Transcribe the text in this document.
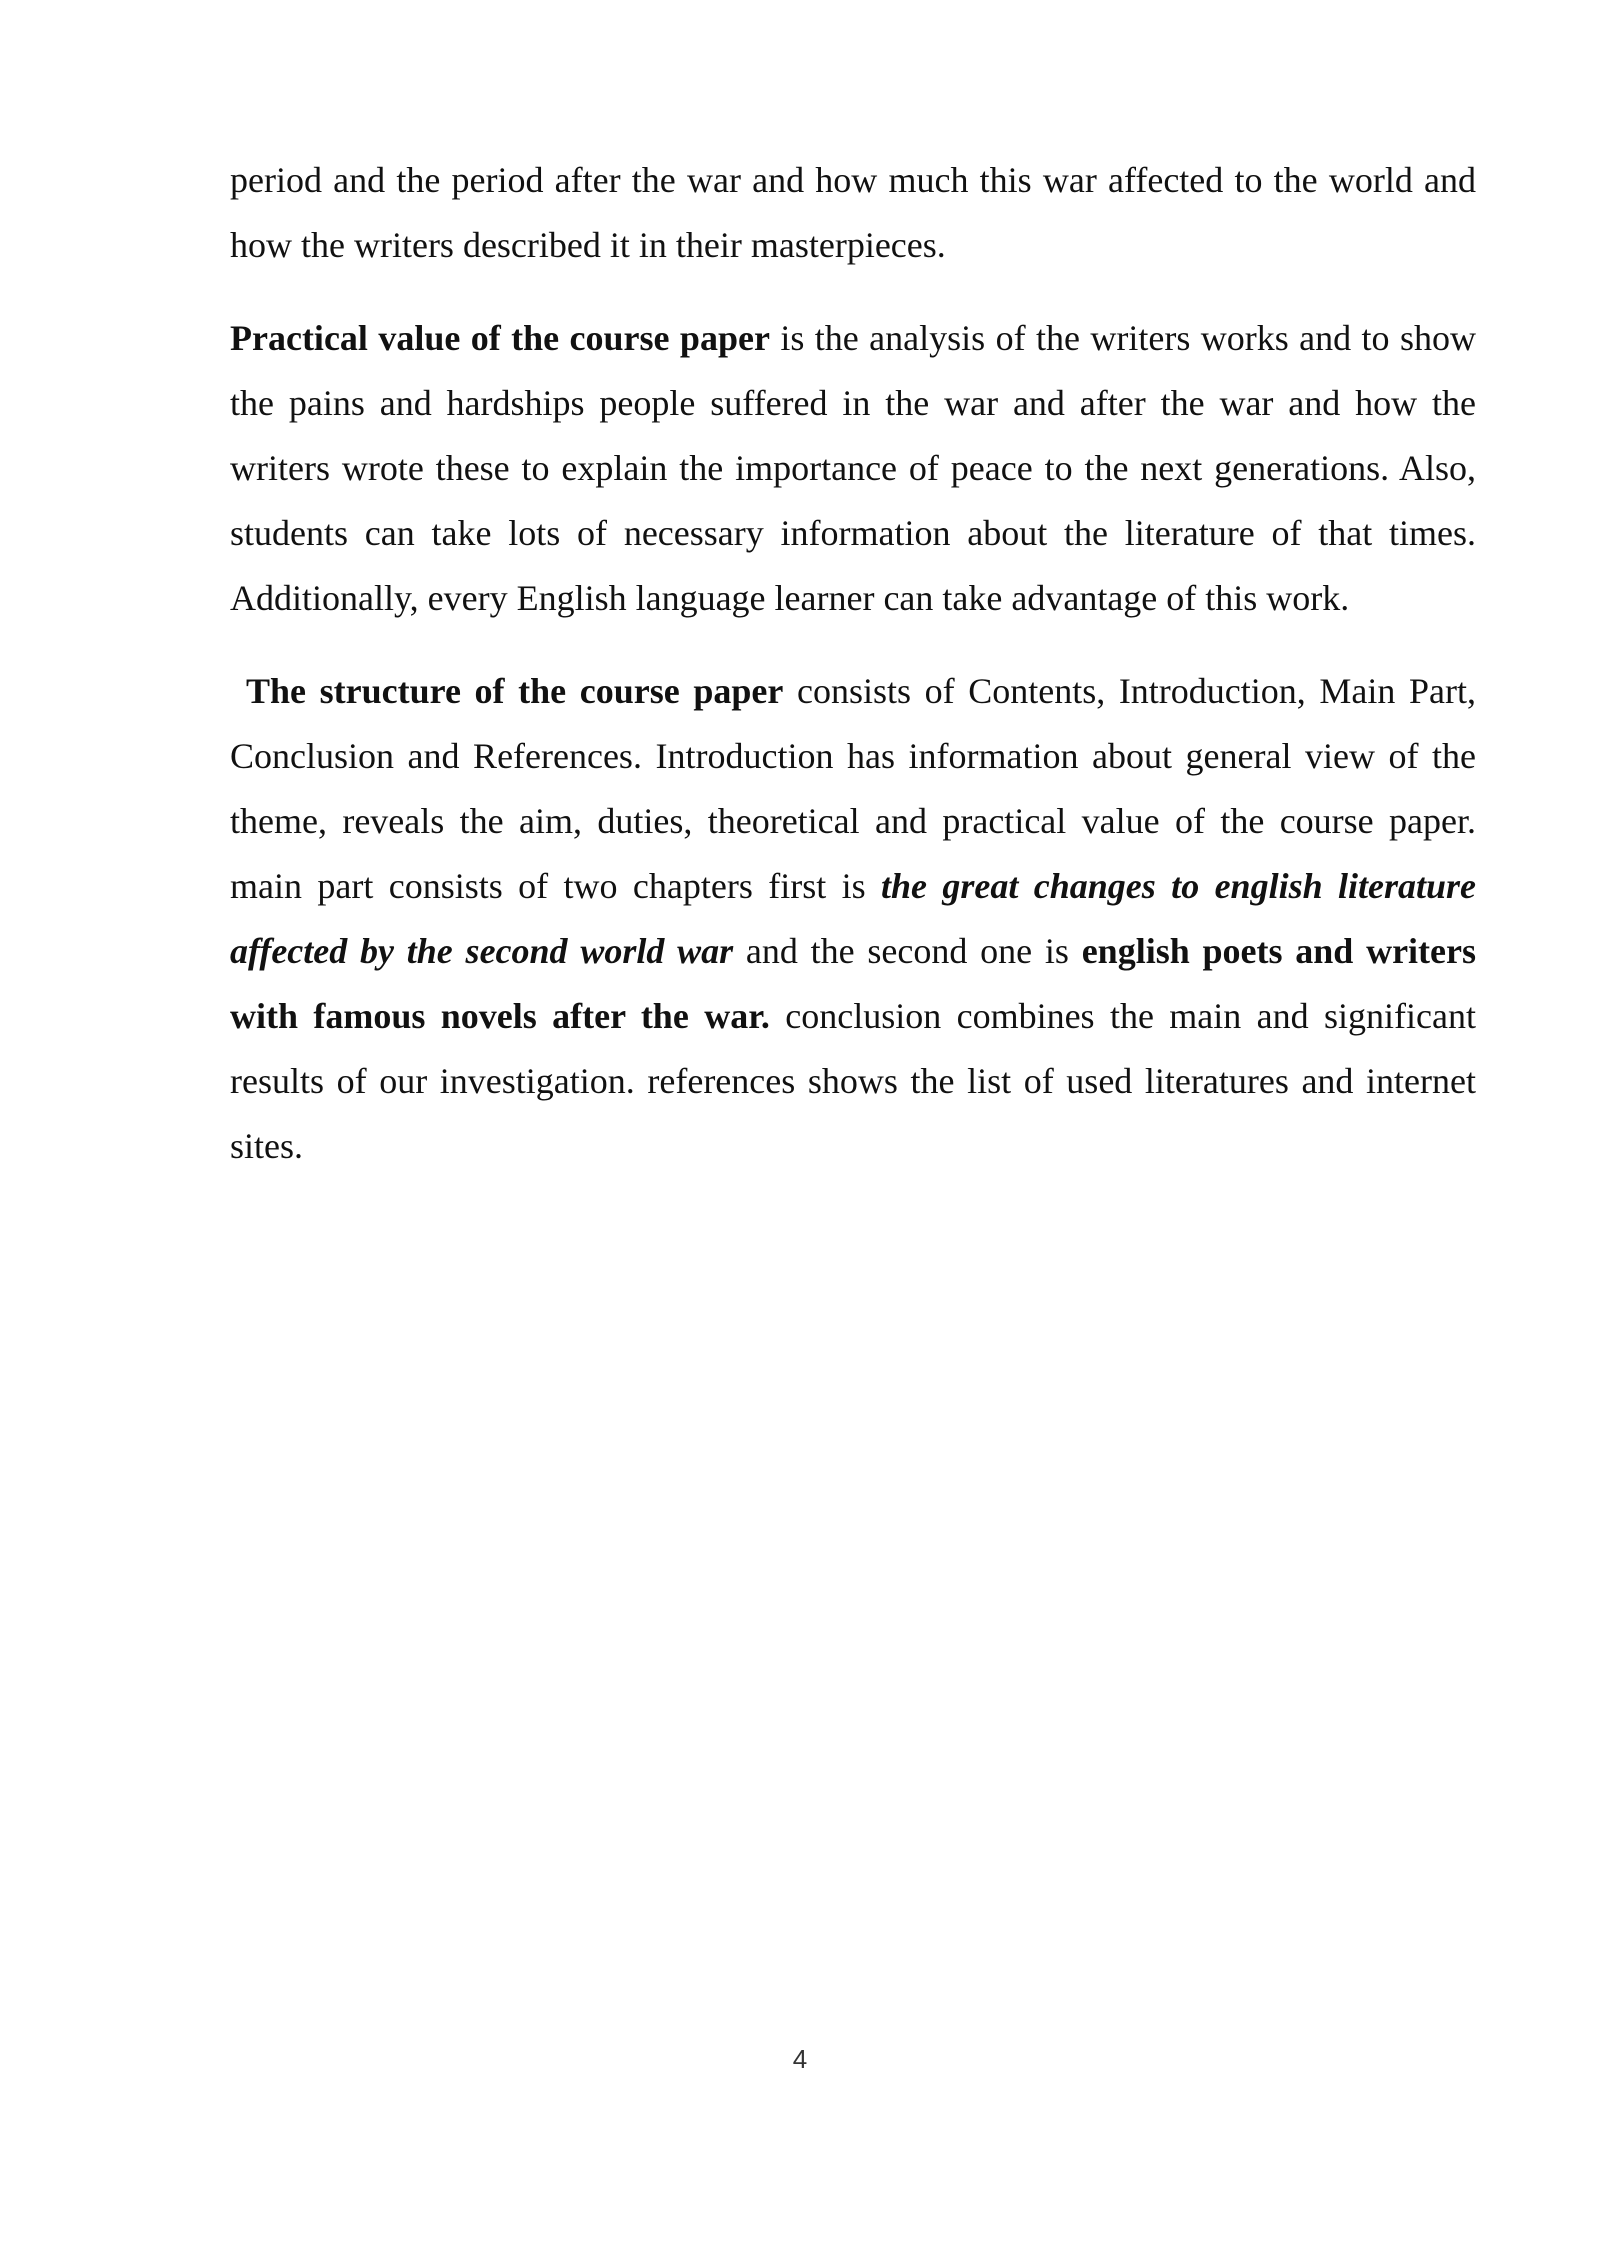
period and the period after the war and how much this war affected to the world and how the writers described it in their masterpieces.

Practical value of the course paper is the analysis of the writers works and to show the pains and hardships people suffered in the war and after the war and how the writers wrote these to explain the importance of peace to the next generations. Also, students can take lots of necessary information about the literature of that times. Additionally, every English language learner can take advantage of this work.

The structure of the course paper consists of Contents, Introduction, Main Part, Conclusion and References. Introduction has information about general view of the theme, reveals the aim, duties, theoretical and practical value of the course paper. main part consists of two chapters first is the great changes to english literature affected by the second world war and the second one is english poets and writers with famous novels after the war. conclusion combines the main and significant results of our investigation. references shows the list of used literatures and internet sites.

4
